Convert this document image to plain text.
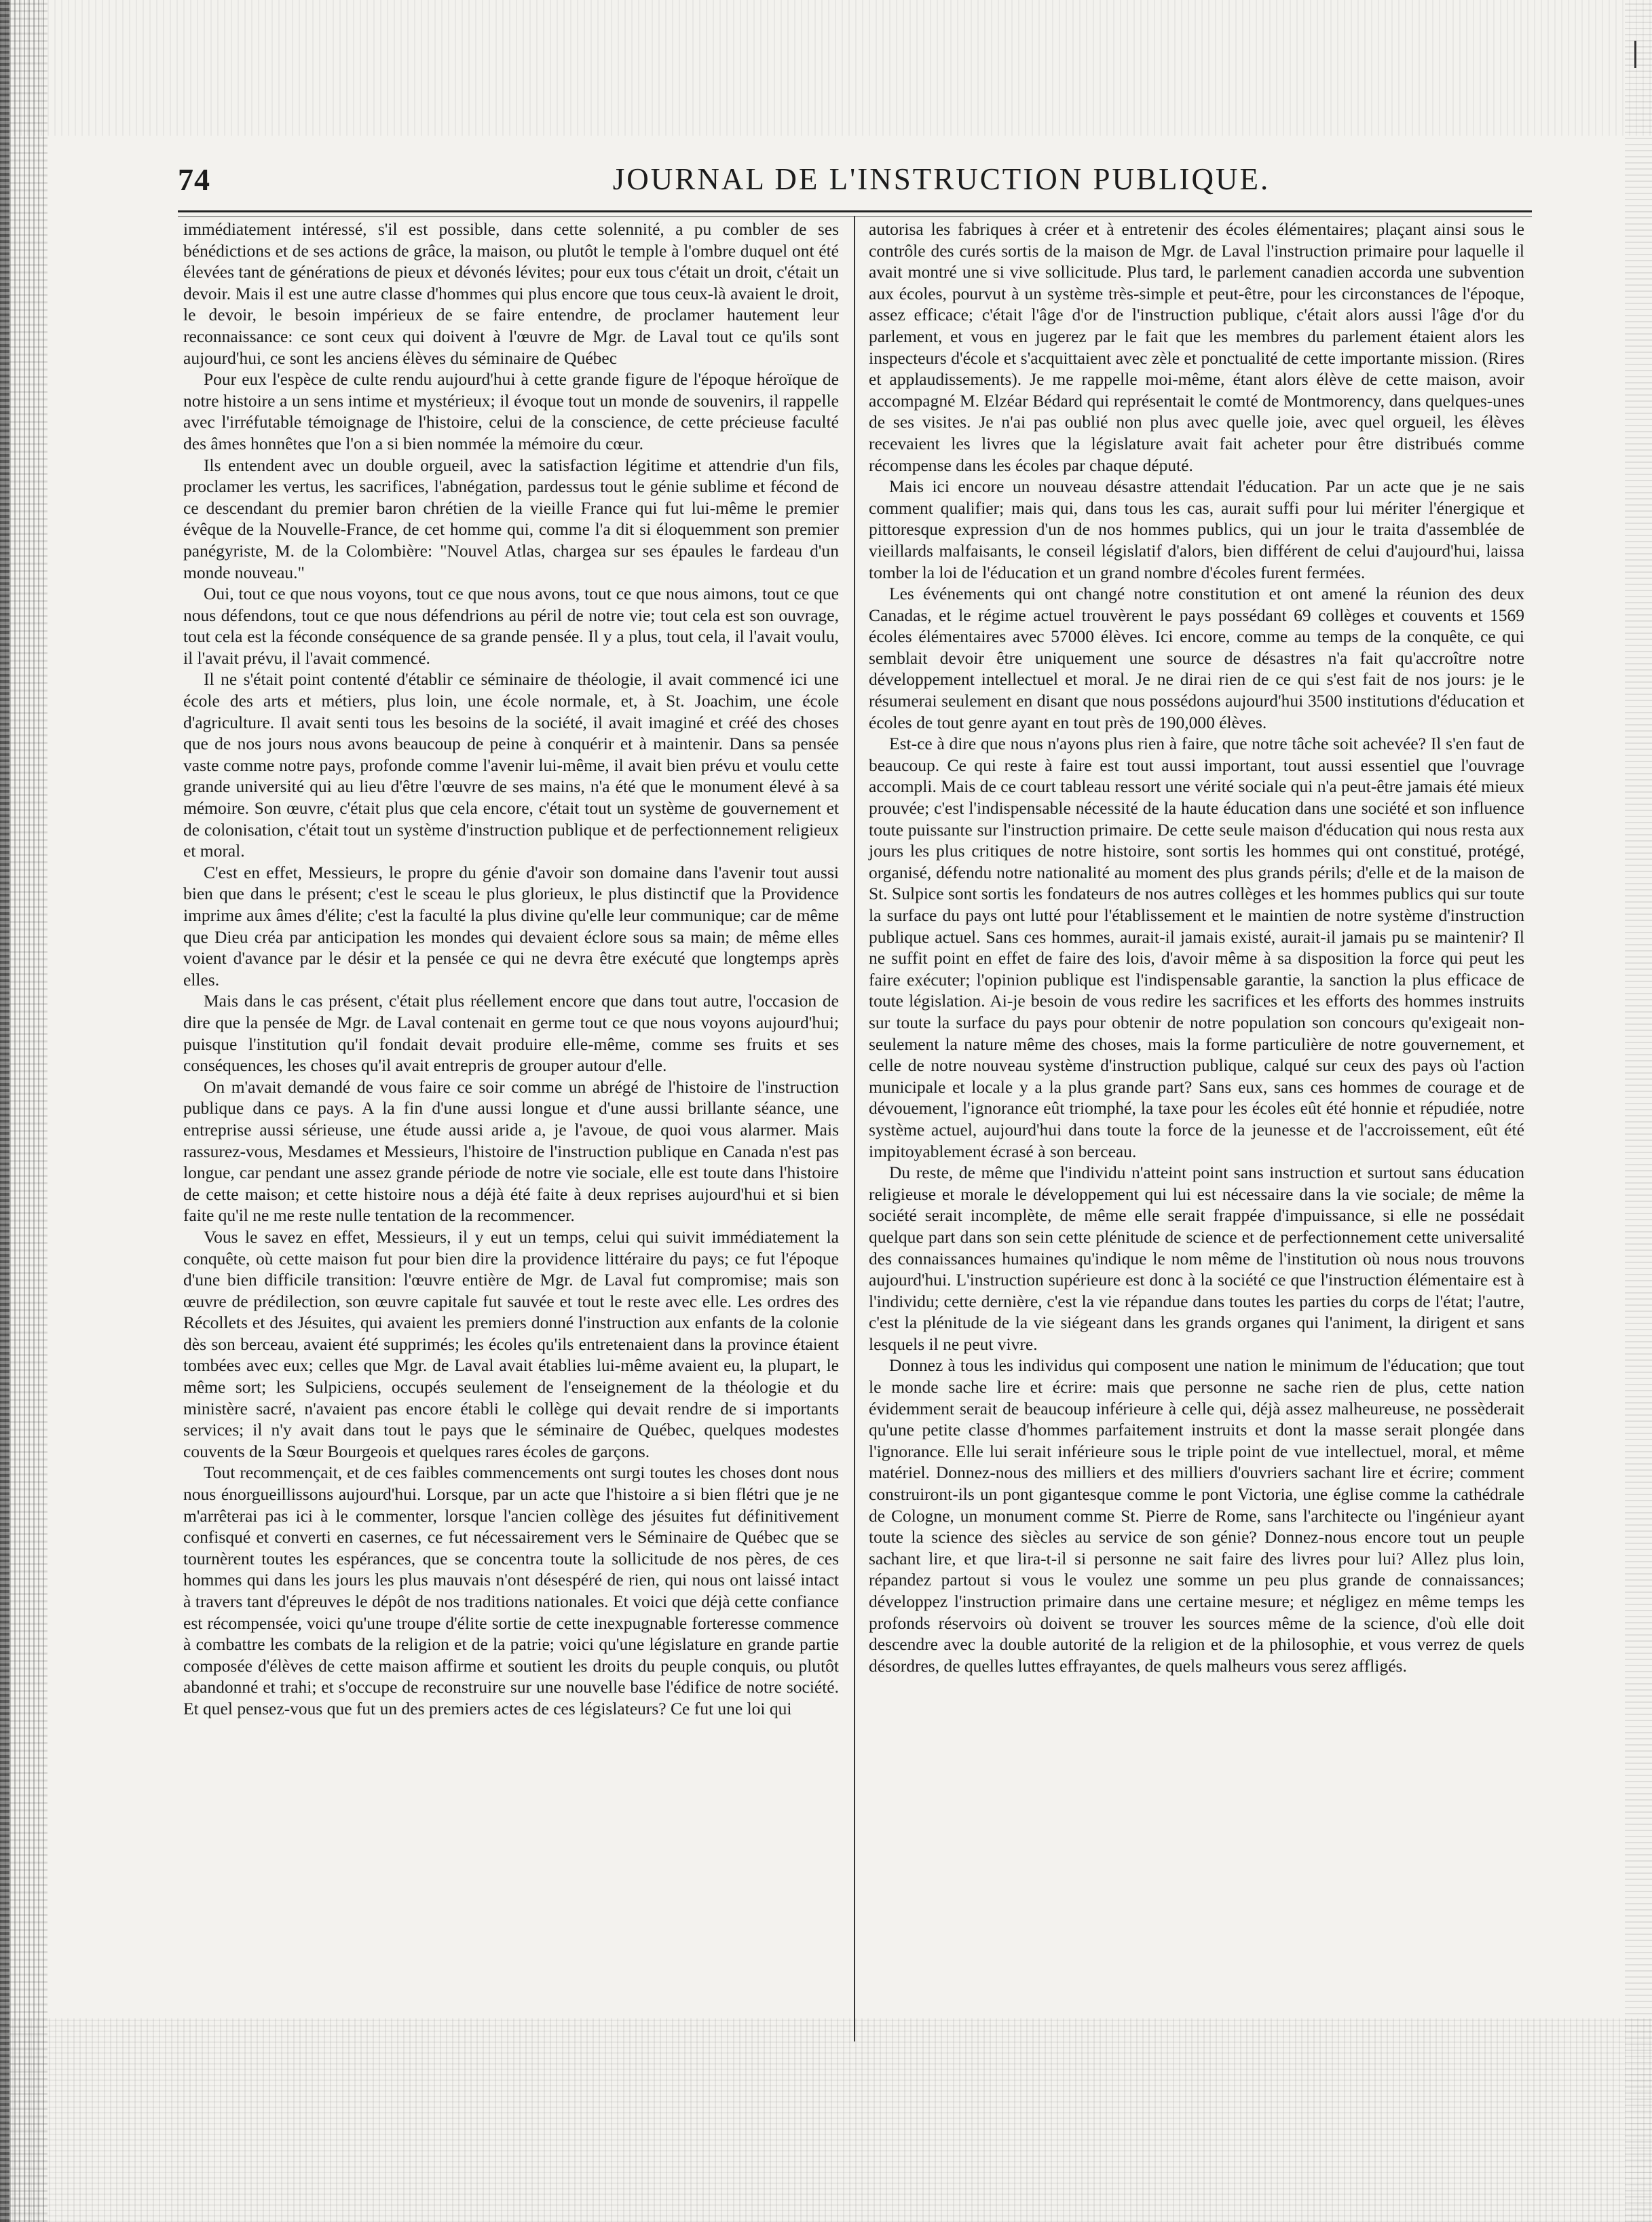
74	JOURNAL DE L'INSTRUCTION PUBLIQUE.

immédiatement intéressé, s'il est possible, dans cette solennité, a pu combler de ses bénédictions et de ses actions de grâce, la maison, ou plutôt le temple à l'ombre duquel ont été élevées tant de générations de pieux et dévonés lévites; pour eux tous c'était un droit, c'était un devoir. Mais il est une autre classe d'hommes qui plus encore que tous ceux-là avaient le droit, le devoir, le besoin impérieux de se faire entendre, de proclamer hautement leur reconnaissance: ce sont ceux qui doivent à l'œuvre de Mgr. de Laval tout ce qu'ils sont aujourd'hui, ce sont les anciens élèves du séminaire de Québec

Pour eux l'espèce de culte rendu aujourd'hui à cette grande figure de l'époque héroïque de notre histoire a un sens intime et mystérieux; il évoque tout un monde de souvenirs, il rappelle avec l'irréfutable témoignage de l'histoire, celui de la conscience, de cette précieuse faculté des âmes honnêtes que l'on a si bien nommée la mémoire du cœur.

Ils entendent avec un double orgueil, avec la satisfaction légitime et attendrie d'un fils, proclamer les vertus, les sacrifices, l'abnégation, pardessus tout le génie sublime et fécond de ce descendant du premier baron chrétien de la vieille France qui fut lui-même le premier évêque de la Nouvelle-France, de cet homme qui, comme l'a dit si éloquemment son premier panégyriste, M. de la Colombière: "Nouvel Atlas, chargea sur ses épaules le fardeau d'un monde nouveau."

Oui, tout ce que nous voyons, tout ce que nous avons, tout ce que nous aimons, tout ce que nous défendons, tout ce que nous défendrions au péril de notre vie; tout cela est son ouvrage, tout cela est la féconde conséquence de sa grande pensée. Il y a plus, tout cela, il l'avait voulu, il l'avait prévu, il l'avait commencé.

Il ne s'était point contenté d'établir ce séminaire de théologie, il avait commencé ici une école des arts et métiers, plus loin, une école normale, et, à St. Joachim, une école d'agriculture. Il avait senti tous les besoins de la société, il avait imaginé et créé des choses que de nos jours nous avons beaucoup de peine à conquérir et à maintenir. Dans sa pensée vaste comme notre pays, profonde comme l'avenir lui-même, il avait bien prévu et voulu cette grande université qui au lieu d'être l'œuvre de ses mains, n'a été que le monument élevé à sa mémoire. Son œuvre, c'était plus que cela encore, c'était tout un système de gouvernement et de colonisation, c'était tout un système d'instruction publique et de perfectionnement religieux et moral.

C'est en effet, Messieurs, le propre du génie d'avoir son domaine dans l'avenir tout aussi bien que dans le présent; c'est le sceau le plus glorieux, le plus distinctif que la Providence imprime aux âmes d'élite; c'est la faculté la plus divine qu'elle leur communique; car de même que Dieu créa par anticipation les mondes qui devaient éclore sous sa main; de même elles voient d'avance par le désir et la pensée ce qui ne devra être exécuté que longtemps après elles.

Mais dans le cas présent, c'était plus réellement encore que dans tout autre, l'occasion de dire que la pensée de Mgr. de Laval contenait en germe tout ce que nous voyons aujourd'hui; puisque l'institution qu'il fondait devait produire elle-même, comme ses fruits et ses conséquences, les choses qu'il avait entrepris de grouper autour d'elle.

On m'avait demandé de vous faire ce soir comme un abrégé de l'histoire de l'instruction publique dans ce pays. A la fin d'une aussi longue et d'une aussi brillante séance, une entreprise aussi sérieuse, une étude aussi aride a, je l'avoue, de quoi vous alarmer. Mais rassurez-vous, Mesdames et Messieurs, l'histoire de l'instruction publique en Canada n'est pas longue, car pendant une assez grande période de notre vie sociale, elle est toute dans l'histoire de cette maison; et cette histoire nous a déjà été faite à deux reprises aujourd'hui et si bien faite qu'il ne me reste nulle tentation de la recommencer.

Vous le savez en effet, Messieurs, il y eut un temps, celui qui suivit immédiatement la conquête, où cette maison fut pour bien dire la providence littéraire du pays; ce fut l'époque d'une bien difficile transition: l'œuvre entière de Mgr. de Laval fut compromise; mais son œuvre de prédilection, son œuvre capitale fut sauvée et tout le reste avec elle. Les ordres des Récollets et des Jésuites, qui avaient les premiers donné l'instruction aux enfants de la colonie dès son berceau, avaient été supprimés; les écoles qu'ils entretenaient dans la province étaient tombées avec eux; celles que Mgr. de Laval avait établies lui-même avaient eu, la plupart, le même sort; les Sulpiciens, occupés seulement de l'enseignement de la théologie et du ministère sacré, n'avaient pas encore établi le collège qui devait rendre de si importants services; il n'y avait dans tout le pays que le séminaire de Québec, quelques modestes couvents de la Sœur Bourgeois et quelques rares écoles de garçons.

Tout recommençait, et de ces faibles commencements ont surgi toutes les choses dont nous nous énorgueillissons aujourd'hui. Lorsque, par un acte que l'histoire a si bien flétri que je ne m'arrêterai pas ici à le commenter, lorsque l'ancien collège des jésuites fut définitivement confisqué et converti en casernes, ce fut nécessairement vers le Séminaire de Québec que se tournèrent toutes les espérances, que se concentra toute la sollicitude de nos pères, de ces hommes qui dans les jours les plus mauvais n'ont désespéré de rien, qui nous ont laissé intact à travers tant d'épreuves le dépôt de nos traditions nationales. Et voici que déjà cette confiance est récompensée, voici qu'une troupe d'élite sortie de cette inexpugnable forteresse commence à combattre les combats de la religion et de la patrie; voici qu'une législature en grande partie composée d'élèves de cette maison affirme et soutient les droits du peuple conquis, ou plutôt abandonné et trahi; et s'occupe de reconstruire sur une nouvelle base l'édifice de notre société. Et quel pensez-vous que fut un des premiers actes de ces législateurs? Ce fut une loi qui

autorisa les fabriques à créer et à entretenir des écoles élémentaires; plaçant ainsi sous le contrôle des curés sortis de la maison de Mgr. de Laval l'instruction primaire pour laquelle il avait montré une si vive sollicitude. Plus tard, le parlement canadien accorda une subvention aux écoles, pourvut à un système très-simple et peut-être, pour les circonstances de l'époque, assez efficace; c'était l'âge d'or de l'instruction publique, c'était alors aussi l'âge d'or du parlement, et vous en jugerez par le fait que les membres du parlement étaient alors les inspecteurs d'école et s'acquittaient avec zèle et ponctualité de cette importante mission. (Rires et applaudissements). Je me rappelle moi-même, étant alors élève de cette maison, avoir accompagné M. Elzéar Bédard qui représentait le comté de Montmorency, dans quelques-unes de ses visites. Je n'ai pas oublié non plus avec quelle joie, avec quel orgueil, les élèves recevaient les livres que la législature avait fait acheter pour être distribués comme récompense dans les écoles par chaque député.

Mais ici encore un nouveau désastre attendait l'éducation. Par un acte que je ne sais comment qualifier; mais qui, dans tous les cas, aurait suffi pour lui mériter l'énergique et pittoresque expression d'un de nos hommes publics, qui un jour le traita d'assemblée de vieillards malfaisants, le conseil législatif d'alors, bien différent de celui d'aujourd'hui, laissa tomber la loi de l'éducation et un grand nombre d'écoles furent fermées.

Les événements qui ont changé notre constitution et ont amené la réunion des deux Canadas, et le régime actuel trouvèrent le pays possédant 69 collèges et couvents et 1569 écoles élémentaires avec 57000 élèves. Ici encore, comme au temps de la conquête, ce qui semblait devoir être uniquement une source de désastres n'a fait qu'accroître notre développement intellectuel et moral. Je ne dirai rien de ce qui s'est fait de nos jours: je le résumerai seulement en disant que nous possédons aujourd'hui 3500 institutions d'éducation et écoles de tout genre ayant en tout près de 190,000 élèves.

Est-ce à dire que nous n'ayons plus rien à faire, que notre tâche soit achevée? Il s'en faut de beaucoup. Ce qui reste à faire est tout aussi important, tout aussi essentiel que l'ouvrage accompli. Mais de ce court tableau ressort une vérité sociale qui n'a peut-être jamais été mieux prouvée; c'est l'indispensable nécessité de la haute éducation dans une société et son influence toute puissante sur l'instruction primaire. De cette seule maison d'éducation qui nous resta aux jours les plus critiques de notre histoire, sont sortis les hommes qui ont constitué, protégé, organisé, défendu notre nationalité au moment des plus grands périls; d'elle et de la maison de St. Sulpice sont sortis les fondateurs de nos autres collèges et les hommes publics qui sur toute la surface du pays ont lutté pour l'établissement et le maintien de notre système d'instruction publique actuel. Sans ces hommes, aurait-il jamais existé, aurait-il jamais pu se maintenir? Il ne suffit point en effet de faire des lois, d'avoir même à sa disposition la force qui peut les faire exécuter; l'opinion publique est l'indispensable garantie, la sanction la plus efficace de toute législation. Ai-je besoin de vous redire les sacrifices et les efforts des hommes instruits sur toute la surface du pays pour obtenir de notre population son concours qu'exigeait non-seulement la nature même des choses, mais la forme particulière de notre gouvernement, et celle de notre nouveau système d'instruction publique, calqué sur ceux des pays où l'action municipale et locale y a la plus grande part? Sans eux, sans ces hommes de courage et de dévouement, l'ignorance eût triomphé, la taxe pour les écoles eût été honnie et répudiée, notre système actuel, aujourd'hui dans toute la force de la jeunesse et de l'accroissement, eût été impitoyablement écrasé à son berceau.

Du reste, de même que l'individu n'atteint point sans instruction et surtout sans éducation religieuse et morale le développement qui lui est nécessaire dans la vie sociale; de même la société serait incomplète, de même elle serait frappée d'impuissance, si elle ne possédait quelque part dans son sein cette plénitude de science et de perfectionnement cette universalité des connaissances humaines qu'indique le nom même de l'institution où nous nous trouvons aujourd'hui. L'instruction supérieure est donc à la société ce que l'instruction élémentaire est à l'individu; cette dernière, c'est la vie répandue dans toutes les parties du corps de l'état; l'autre, c'est la plénitude de la vie siégeant dans les grands organes qui l'animent, la dirigent et sans lesquels il ne peut vivre.

Donnez à tous les individus qui composent une nation le minimum de l'éducation; que tout le monde sache lire et écrire: mais que personne ne sache rien de plus, cette nation évidemment serait de beaucoup inférieure à celle qui, déjà assez malheureuse, ne possèderait qu'une petite classe d'hommes parfaitement instruits et dont la masse serait plongée dans l'ignorance. Elle lui serait inférieure sous le triple point de vue intellectuel, moral, et même matériel. Donnez-nous des milliers et des milliers d'ouvriers sachant lire et écrire; comment construiront-ils un pont gigantesque comme le pont Victoria, une église comme la cathédrale de Cologne, un monument comme St. Pierre de Rome, sans l'architecte ou l'ingénieur ayant toute la science des siècles au service de son génie? Donnez-nous encore tout un peuple sachant lire, et que lira-t-il si personne ne sait faire des livres pour lui? Allez plus loin, répandez partout si vous le voulez une somme un peu plus grande de connaissances; développez l'instruction primaire dans une certaine mesure; et négligez en même temps les profonds réservoirs où doivent se trouver les sources même de la science, d'où elle doit descendre avec la double autorité de la religion et de la philosophie, et vous verrez de quels désordres, de quelles luttes effrayantes, de quels malheurs vous serez affligés.
